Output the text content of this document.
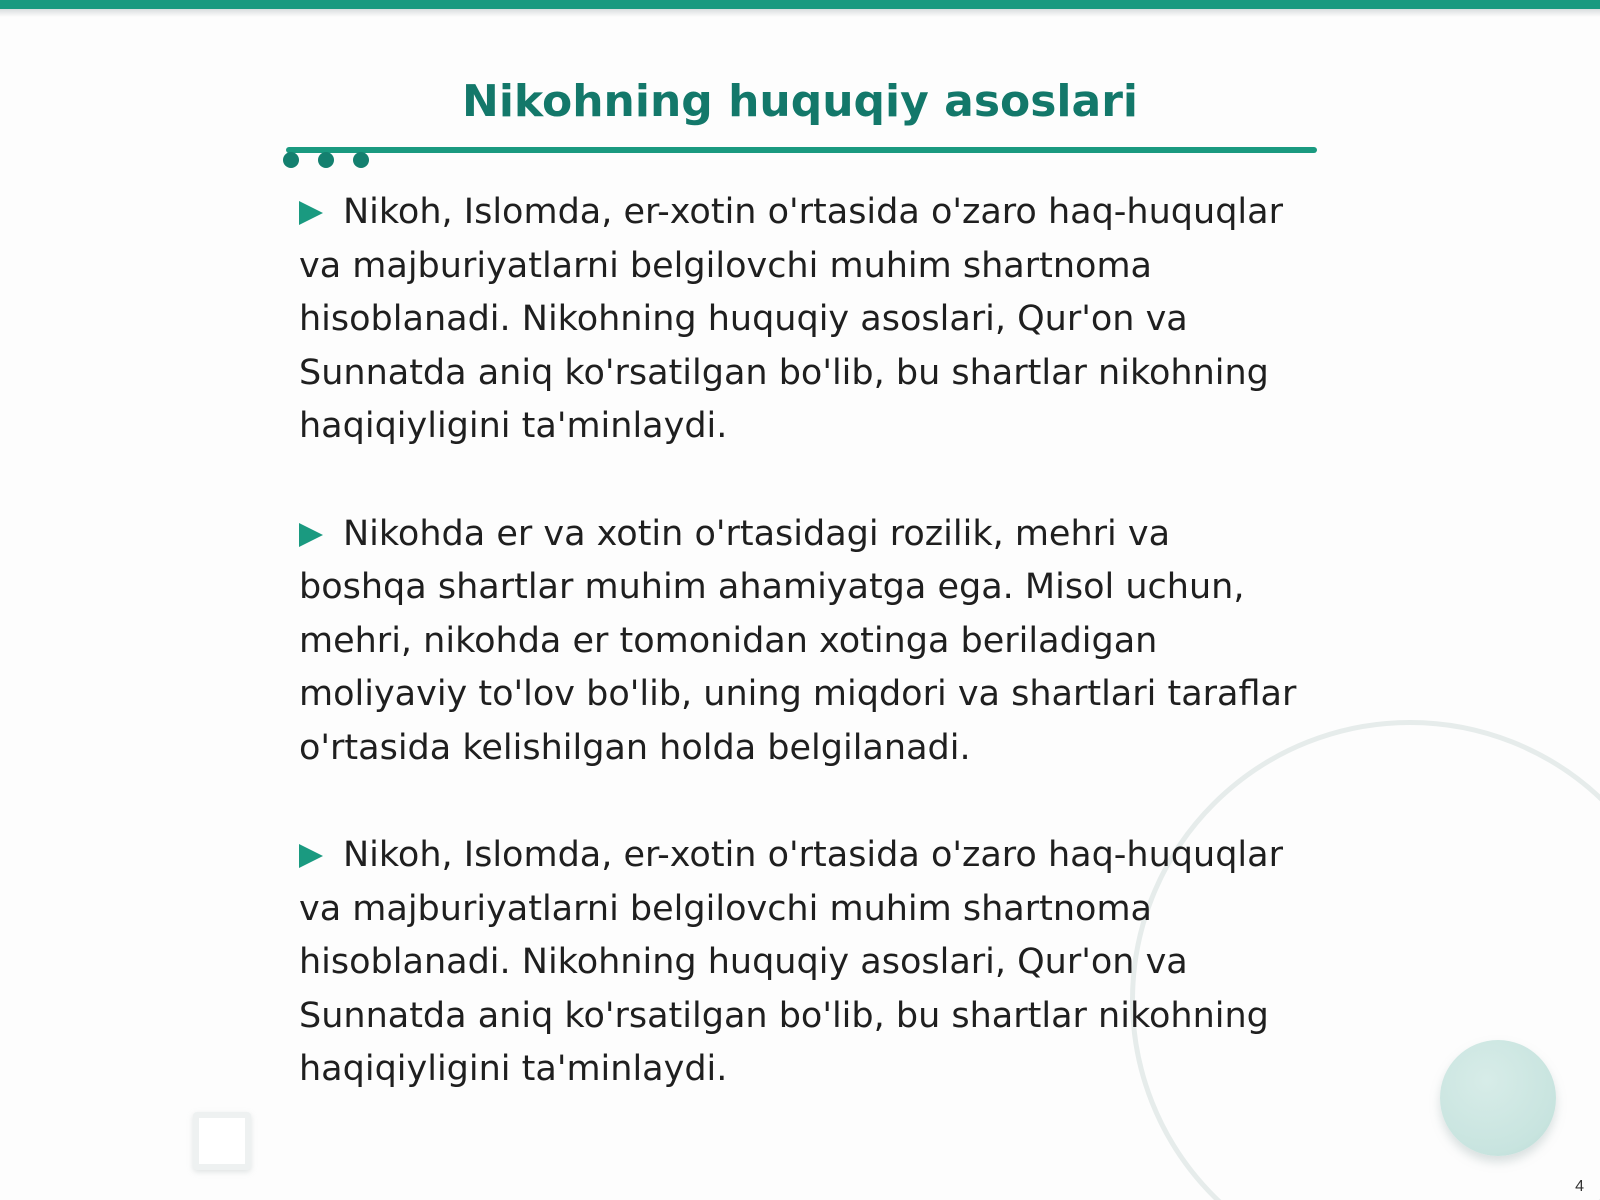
Nikohning huquqiy asoslari

Nikoh, Islomda, er-xotin o'rtasida o'zaro haq-huquqlar va majburiyatlarni belgilovchi muhim shartnoma hisoblanadi. Nikohning huquqiy asoslari, Qur'on va Sunnatda aniq ko'rsatilgan bo'lib, bu shartlar nikohning haqiqiyligini ta'minlaydi.

Nikohda er va xotin o'rtasidagi rozilik, mehri va boshqa shartlar muhim ahamiyatga ega. Misol uchun, mehri, nikohda er tomonidan xotinga beriladigan moliyaviy to'lov bo'lib, uning miqdori va shartlari taraflar o'rtasida kelishilgan holda belgilanadi.

Nikoh, Islomda, er-xotin o'rtasida o'zaro haq-huquqlar va majburiyatlarni belgilovchi muhim shartnoma hisoblanadi. Nikohning huquqiy asoslari, Qur'on va Sunnatda aniq ko'rsatilgan bo'lib, bu shartlar nikohning haqiqiyligini ta'minlaydi.

4
